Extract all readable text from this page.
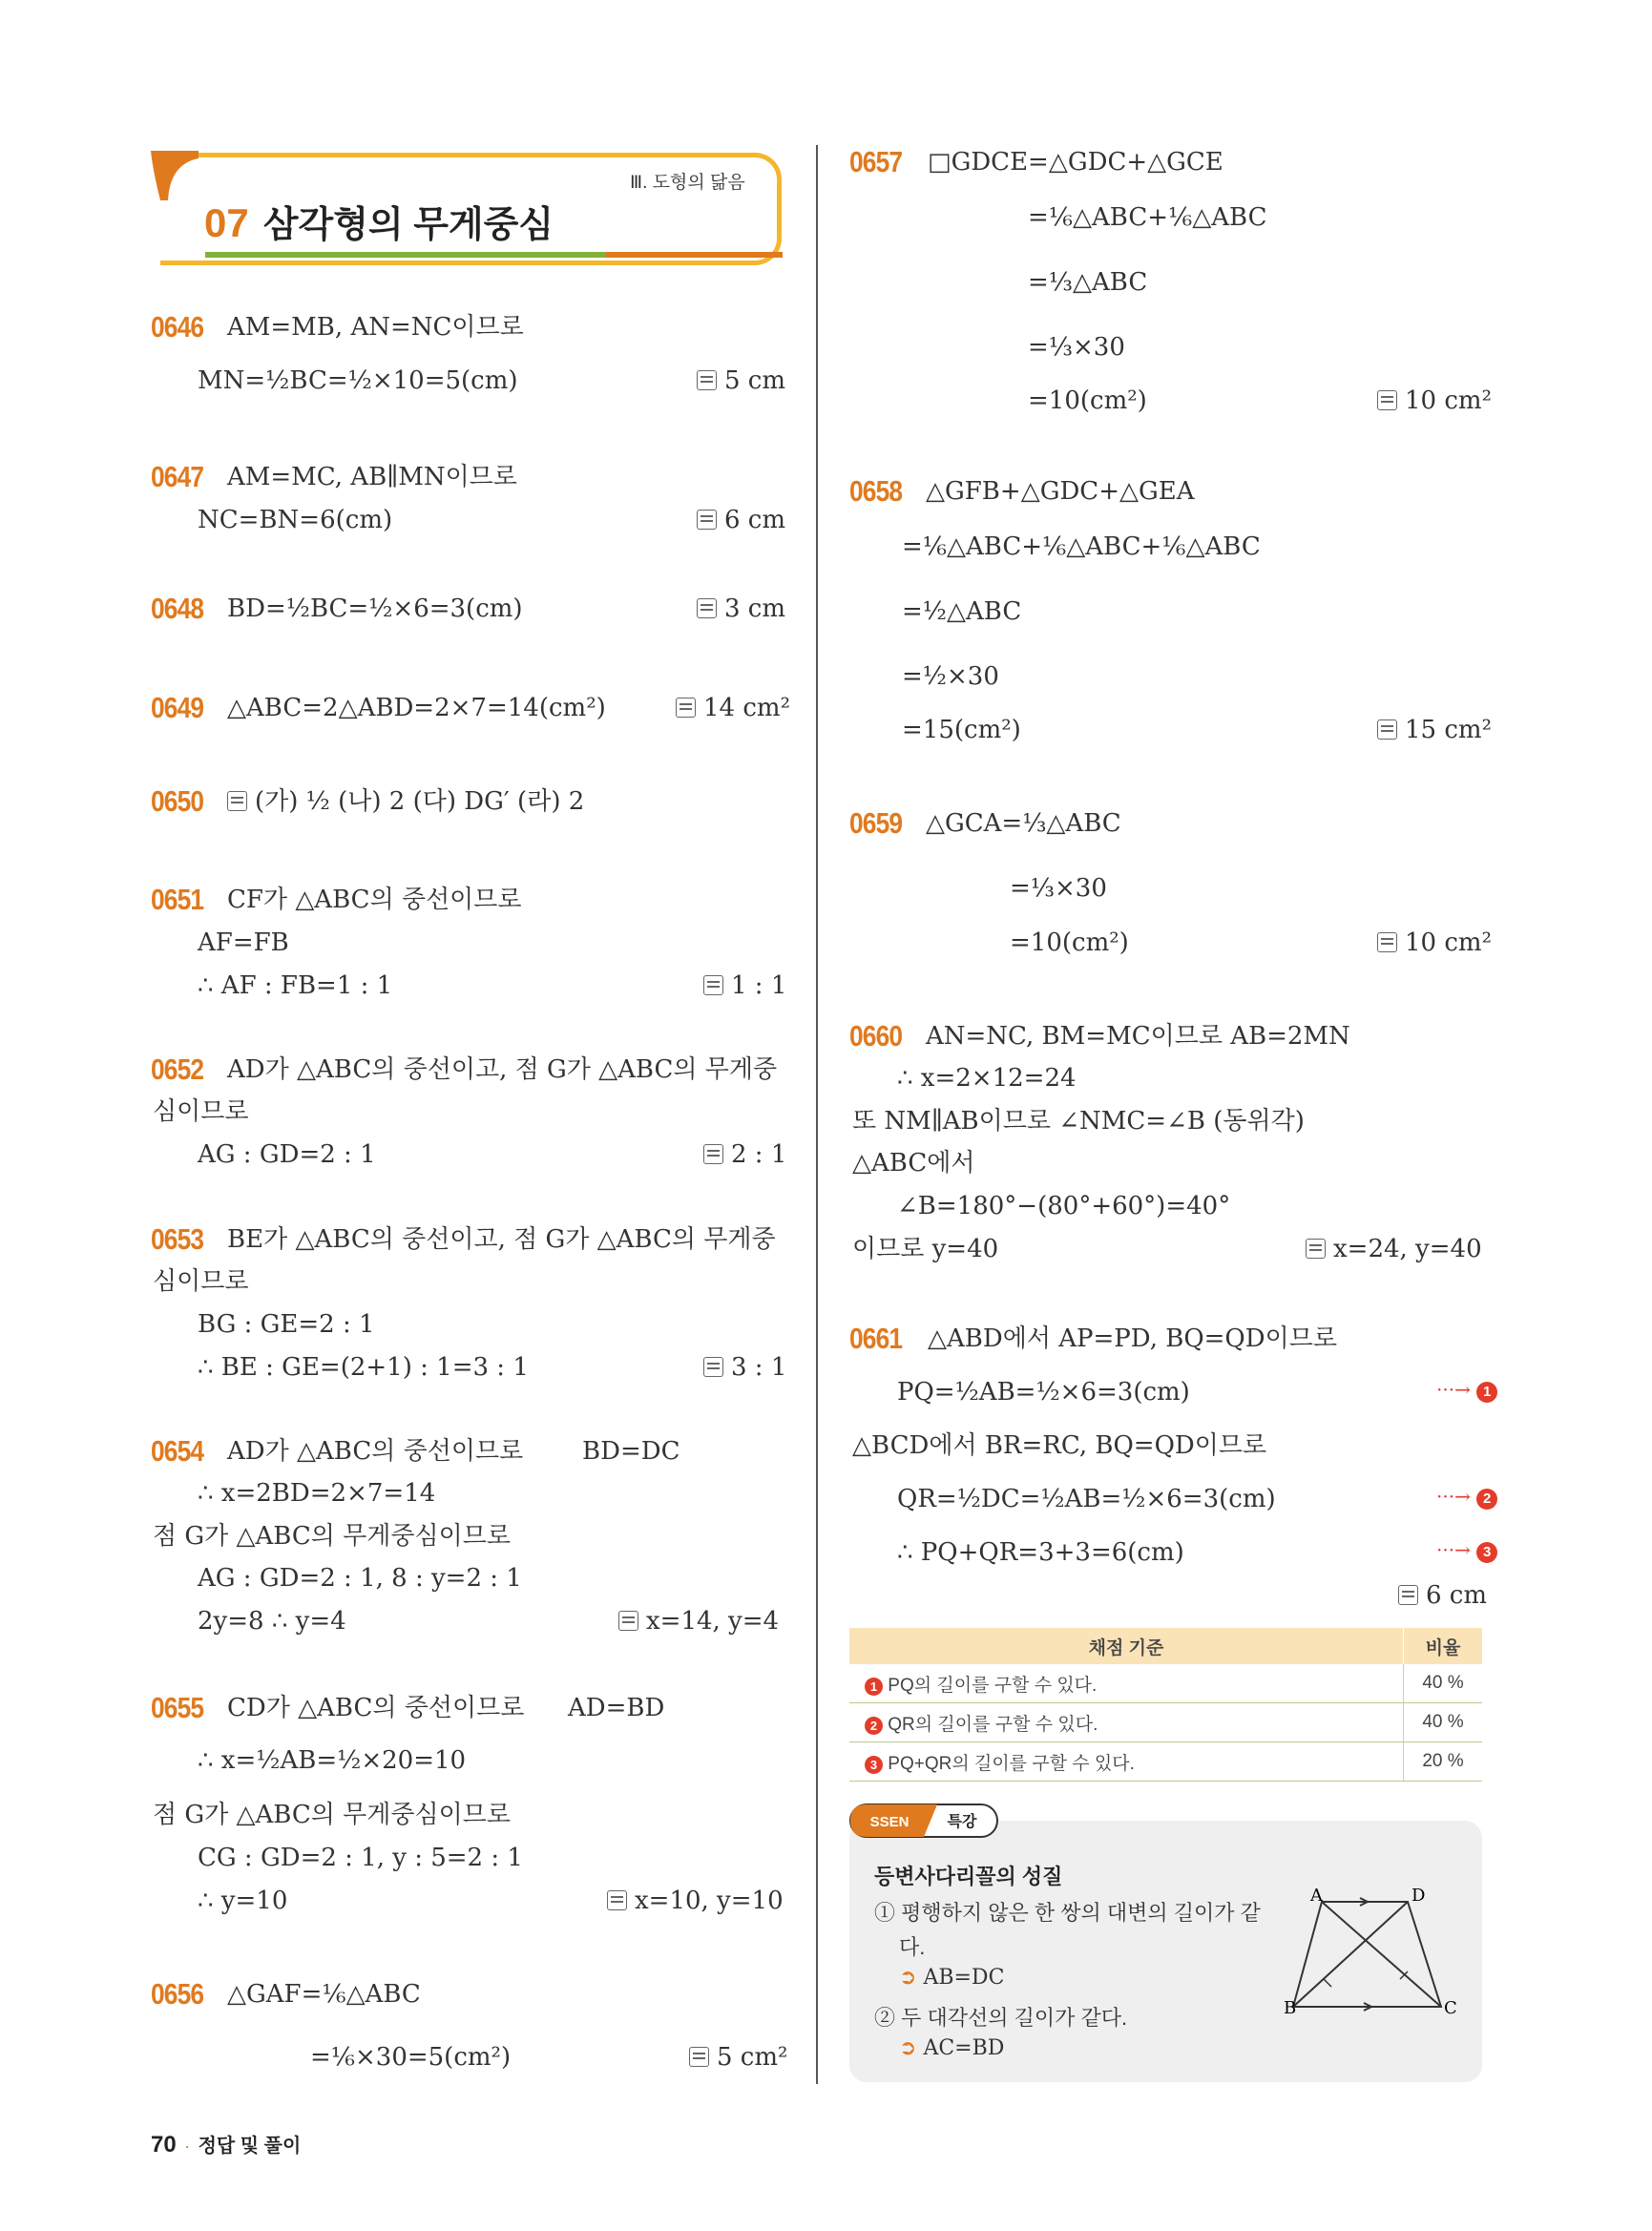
Ⅲ. 도형의 닮음
07 삼각형의 무게중심
0646 AM=MB, AN=NC이므로
MN=½BC=½×10=5(cm)	5 cm
0647 AM=MC, AB∥MN이므로
NC=BN=6(cm)	6 cm
0648 BD=½BC=½×6=3(cm)	3 cm
0649 △ABC=2△ABD=2×7=14(cm²)	14 cm²
0650	(가) ½ (나) 2 (다) DG′ (라) 2
0651 CF가 △ABC의 중선이므로
AF=FB
∴ AF : FB=1 : 1	1 : 1
0652 AD가 △ABC의 중선이고, 점 G가 △ABC의 무게중
심이므로
AG : GD=2 : 1	2 : 1
0653 BE가 △ABC의 중선이고, 점 G가 △ABC의 무게중
심이므로
BG : GE=2 : 1
∴ BE : GE=(2+1) : 1=3 : 1	3 : 1
0654 AD가 △ABC의 중선이므로 BD=DC
∴ x=2BD=2×7=14
점 G가 △ABC의 무게중심이므로
AG : GD=2 : 1, 8 : y=2 : 1
2y=8 ∴ y=4	x=14, y=4
0655 CD가 △ABC의 중선이므로 AD=BD
∴ x=½AB=½×20=10
점 G가 △ABC의 무게중심이므로
CG : GD=2 : 1, y : 5=2 : 1
∴ y=10	x=10, y=10
0656 △GAF=⅙△ABC
=⅙×30=5(cm²)	5 cm²
0657 □GDCE=△GDC+△GCE
=⅙△ABC+⅙△ABC
=⅓△ABC
=⅓×30
=10(cm²)	10 cm²
0658 △GFB+△GDC+△GEA
=⅙△ABC+⅙△ABC+⅙△ABC
=½△ABC
=½×30
=15(cm²)	15 cm²
0659 △GCA=⅓△ABC
=⅓×30
=10(cm²)	10 cm²
0660 AN=NC, BM=MC이므로 AB=2MN
∴ x=2×12=24
또 NM∥AB이므로 ∠NMC=∠B (동위각)
△ABC에서
∠B=180°−(80°+60°)=40°
이므로 y=40	x=24, y=40
0661 △ABD에서 AP=PD, BQ=QD이므로
PQ=½AB=½×6=3(cm)	···→ 1
△BCD에서 BR=RC, BQ=QD이므로
QR=½DC=½AB=½×6=3(cm)	···→ 2
∴ PQ+QR=3+3=6(cm)	···→ 3
6 cm
채점 기준	비율
1 PQ의 길이를 구할 수 있다.	40 %
2 QR의 길이를 구할 수 있다.	40 %
3 PQ+QR의 길이를 구할 수 있다.	20 %
등변사다리꼴의 성질
① 평행하지 않은 한 쌍의 대변의 길이가 같
다.
➲ AB=DC
② 두 대각선의 길이가 같다.
➲ AC=BD
A	D
B	C
SSEN	특강
70 · 정답 및 풀이
